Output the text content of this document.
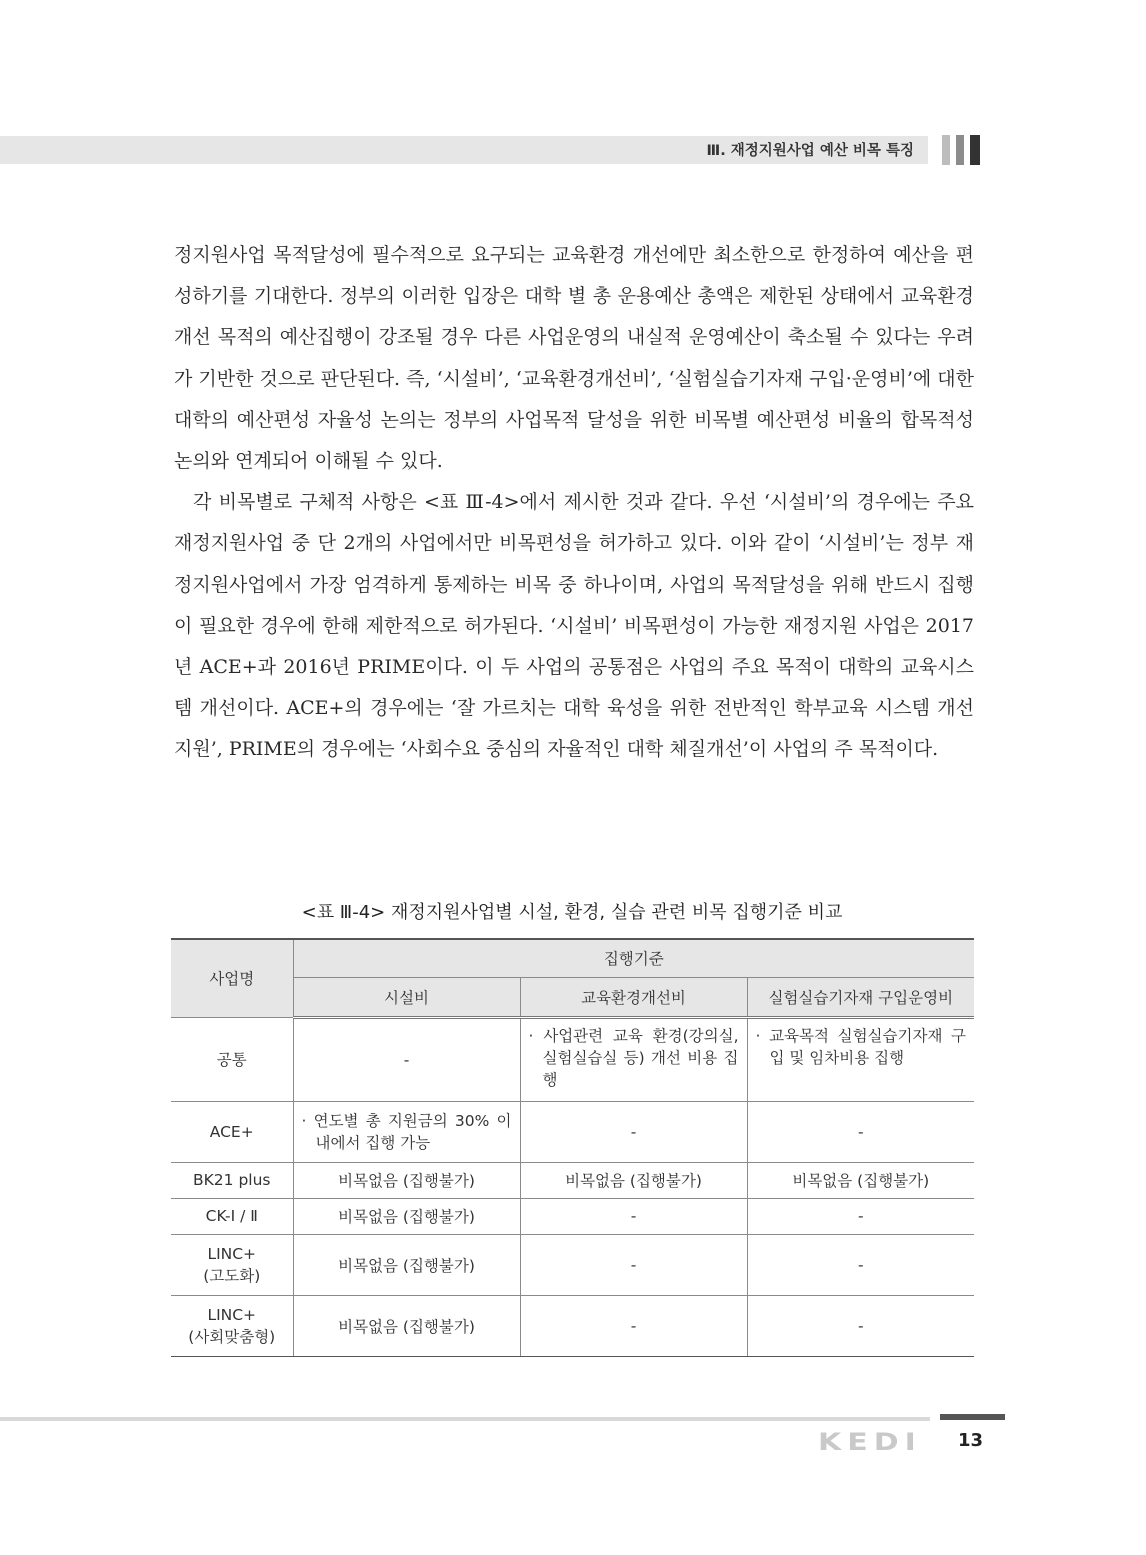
Ⅲ. 재정지원사업 예산 비목 특징

정지원사업 목적달성에 필수적으로 요구되는 교육환경 개선에만 최소한으로 한정하여 예산을 편성하기를 기대한다. 정부의 이러한 입장은 대학 별 총 운용예산 총액은 제한된 상태에서 교육환경 개선 목적의 예산집행이 강조될 경우 다른 사업운영의 내실적 운영예산이 축소될 수 있다는 우려가 기반한 것으로 판단된다. 즉, ‘시설비’, ‘교육환경개선비’, ‘실험실습기자재 구입·운영비’에 대한 대학의 예산편성 자율성 논의는 정부의 사업목적 달성을 위한 비목별 예산편성 비율의 합목적성 논의와 연계되어 이해될 수 있다.

각 비목별로 구체적 사항은 <표 Ⅲ-4>에서 제시한 것과 같다. 우선 ‘시설비’의 경우에는 주요 재정지원사업 중 단 2개의 사업에서만 비목편성을 허가하고 있다. 이와 같이 ‘시설비’는 정부 재정지원사업에서 가장 엄격하게 통제하는 비목 중 하나이며, 사업의 목적달성을 위해 반드시 집행이 필요한 경우에 한해 제한적으로 허가된다. ‘시설비’ 비목편성이 가능한 재정지원 사업은 2017년 ACE+과 2016년 PRIME이다. 이 두 사업의 공통점은 사업의 주요 목적이 대학의 교육시스템 개선이다. ACE+의 경우에는 ‘잘 가르치는 대학 육성을 위한 전반적인 학부교육 시스템 개선지원’, PRIME의 경우에는 ‘사회수요 중심의 자율적인 대학 체질개선’이 사업의 주 목적이다.

<표 Ⅲ-4> 재정지원사업별 시설, 환경, 실습 관련 비목 집행기준 비교
사업명	집행기준		
	시설비	교육환경개선비	실험실습기자재 구입운영비
공통	-	· 사업관련 교육 환경(강의실, 실험실습실 등) 개선 비용 집행	· 교육목적 실험실습기자재 구입 및 임차비용 집행

ACE+	· 연도별 총 지원금의 30% 이내에서 집행 가능	-	-
BK21 plus	비목없음 (집행불가)	비목없음 (집행불가)	비목없음 (집행불가)
CK-Ⅰ / Ⅱ	비목없음 (집행불가)	-	-

LINC+
(고도화)	비목없음 (집행불가)	-	-

LINC+
(사회맞춤형)	비목없음 (집행불가)	-	-
KEDI 13
